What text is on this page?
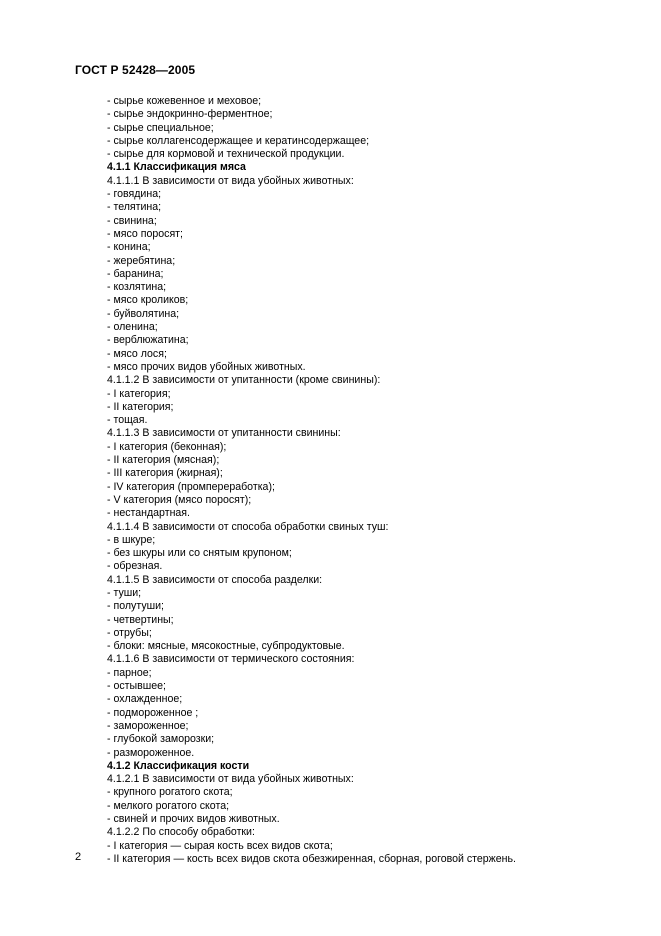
ГОСТ Р 52428—2005
- сырье кожевенное и меховое;
- сырье эндокринно-ферментное;
- сырье специальное;
- сырье коллагенсодержащее и кератинсодержащее;
- сырье для кормовой и технической продукции.
4.1.1 Классификация мяса
4.1.1.1 В зависимости от вида убойных животных:
- говядина;
- телятина;
- свинина;
- мясо поросят;
- конина;
- жеребятина;
- баранина;
- козлятина;
- мясо кроликов;
- буйволятина;
- оленина;
- верблюжатина;
- мясо лося;
- мясо прочих видов убойных животных.
4.1.1.2 В зависимости от упитанности (кроме свинины):
- I категория;
- II категория;
- тощая.
4.1.1.3 В зависимости от упитанности свинины:
- I категория (беконная);
- II категория (мясная);
- III категория (жирная);
- IV категория (промпереработка);
- V категория (мясо поросят);
- нестандартная.
4.1.1.4 В зависимости от способа обработки свиных туш:
- в шкуре;
- без шкуры или со снятым крупоном;
- обрезная.
4.1.1.5 В зависимости от способа разделки:
- туши;
- полутуши;
- четвертины;
- отрубы;
- блоки: мясные, мясокостные, субпродуктовые.
4.1.1.6 В зависимости от термического состояния:
- парное;
- остывшее;
- охлажденное;
- подмороженное ;
- замороженное;
- глубокой заморозки;
- размороженное.
4.1.2 Классификация кости
4.1.2.1 В зависимости от вида убойных животных:
- крупного рогатого скота;
- мелкого рогатого скота;
- свиней и прочих видов животных.
4.1.2.2 По способу обработки:
- I категория — сырая кость всех видов скота;
- II категория — кость всех видов скота обезжиренная, сборная, роговой стержень.
2
